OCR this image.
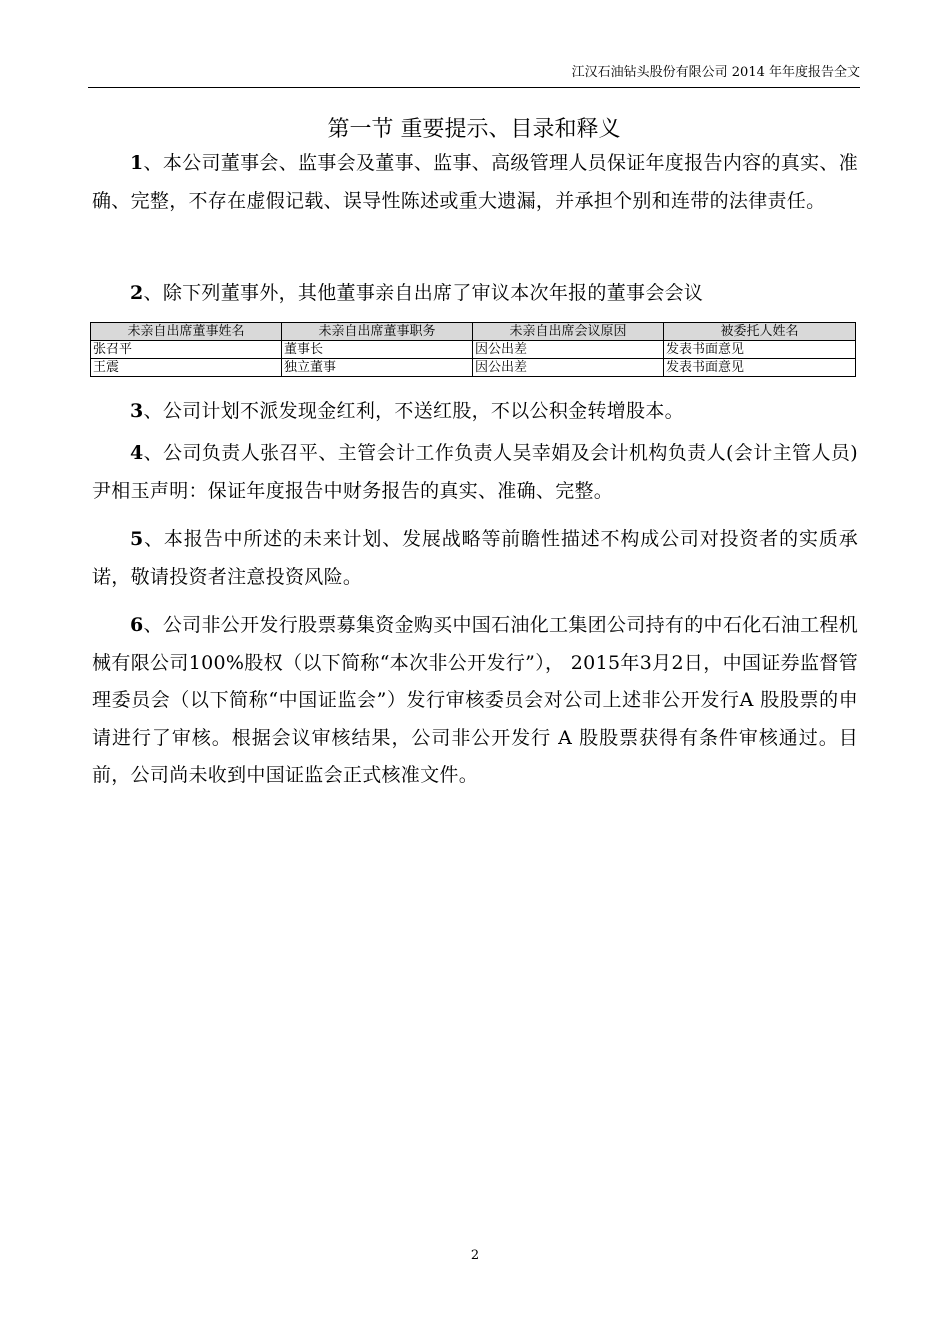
江汉石油钻头股份有限公司 2014 年年度报告全文
第一节 重要提示、目录和释义
1、本公司董事会、监事会及董事、监事、高级管理人员保证年度报告内容的真实、准确、完整，不存在虚假记载、误导性陈述或重大遗漏，并承担个别和连带的法律责任。
2、除下列董事外，其他董事亲自出席了审议本次年报的董事会会议
未亲自出席董事姓名	未亲自出席董事职务	未亲自出席会议原因	被委托人姓名
张召平	董事长	因公出差	发表书面意见
王震	独立董事	因公出差	发表书面意见
3、公司计划不派发现金红利，不送红股，不以公积金转增股本。
4、公司负责人张召平、主管会计工作负责人吴幸娟及会计机构负责人(会计主管人员)尹相玉声明：保证年度报告中财务报告的真实、准确、完整。
5、本报告中所述的未来计划、发展战略等前瞻性描述不构成公司对投资者的实质承诺，敬请投资者注意投资风险。
6、公司非公开发行股票募集资金购买中国石油化工集团公司持有的中石化石油工程机械有限公司100%股权（以下简称“本次非公开发行”）， 2015年3月2日，中国证券监督管理委员会（以下简称“中国证监会”）发行审核委员会对公司上述非公开发行A 股股票的申请进行了审核。根据会议审核结果，公司非公开发行 A 股股票获得有条件审核通过。目前，公司尚未收到中国证监会正式核准文件。
2
